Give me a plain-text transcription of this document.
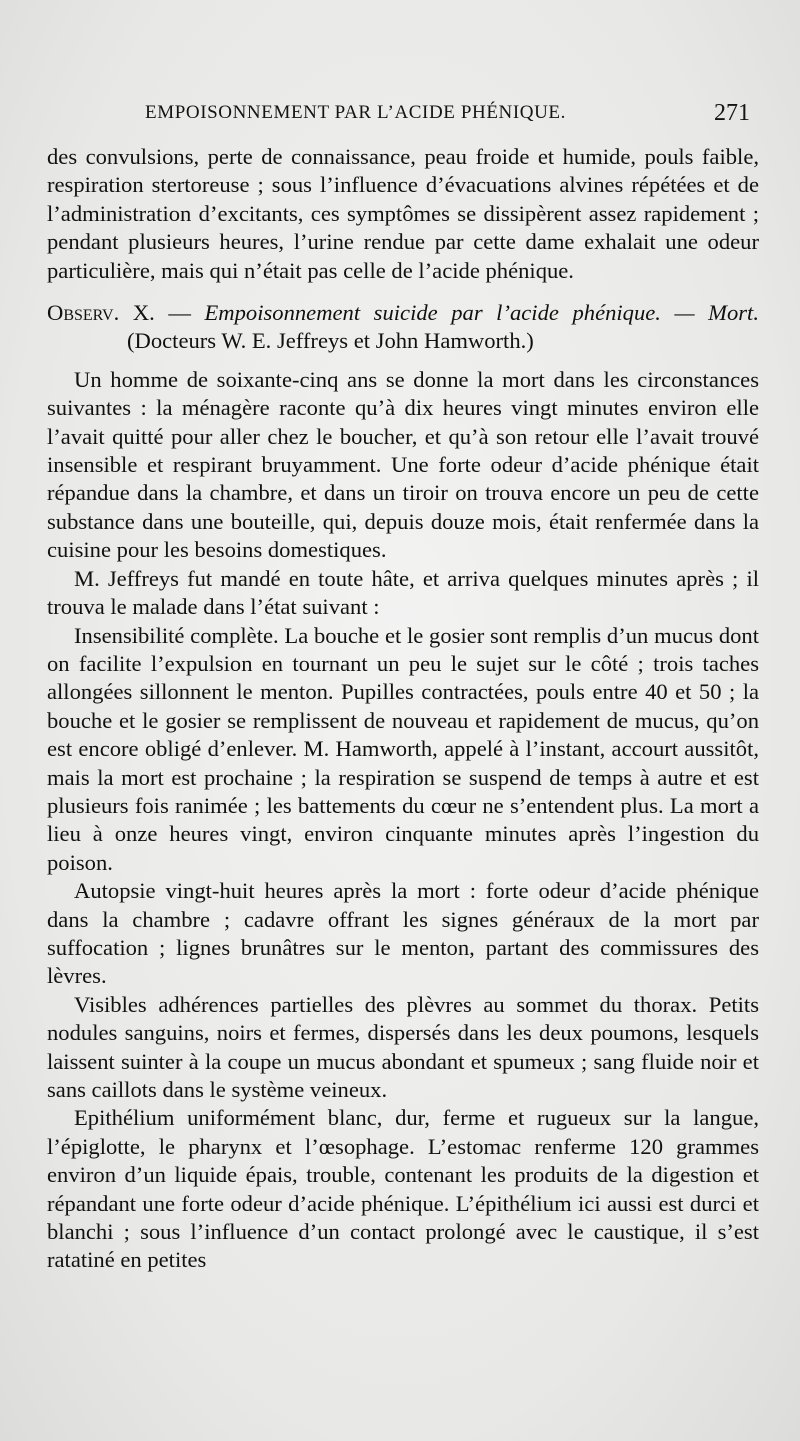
EMPOISONNEMENT PAR L’ACIDE PHÉNIQUE.	271

des convulsions, perte de connaissance, peau froide et humide, pouls faible, respiration stertoreuse ; sous l’influence d’évacuations alvines répétées et de l’administration d’excitants, ces symptômes se dissipèrent assez rapidement ; pendant plusieurs heures, l’urine rendue par cette dame exhalait une odeur particulière, mais qui n’était pas celle de l’acide phénique.

Observ. X. — Empoisonnement suicide par l’acide phénique. — Mort. (Docteurs W. E. Jeffreys et John Hamworth.)

Un homme de soixante-cinq ans se donne la mort dans les circonstances suivantes : la ménagère raconte qu’à dix heures vingt minutes environ elle l’avait quitté pour aller chez le boucher, et qu’à son retour elle l’avait trouvé insensible et respirant bruyamment. Une forte odeur d’acide phénique était répandue dans la chambre, et dans un tiroir on trouva encore un peu de cette substance dans une bouteille, qui, depuis douze mois, était renfermée dans la cuisine pour les besoins domestiques.

M. Jeffreys fut mandé en toute hâte, et arriva quelques minutes après ; il trouva le malade dans l’état suivant :

Insensibilité complète. La bouche et le gosier sont remplis d’un mucus dont on facilite l’expulsion en tournant un peu le sujet sur le côté ; trois taches allongées sillonnent le menton. Pupilles contractées, pouls entre 40 et 50 ; la bouche et le gosier se remplissent de nouveau et rapidement de mucus, qu’on est encore obligé d’enlever. M. Hamworth, appelé à l’instant, accourt aussitôt, mais la mort est prochaine ; la respiration se suspend de temps à autre et est plusieurs fois ranimée ; les battements du cœur ne s’entendent plus. La mort a lieu à onze heures vingt, environ cinquante minutes après l’ingestion du poison.

Autopsie vingt-huit heures après la mort : forte odeur d’acide phénique dans la chambre ; cadavre offrant les signes généraux de la mort par suffocation ; lignes brunâtres sur le menton, partant des commissures des lèvres.

Visibles adhérences partielles des plèvres au sommet du thorax. Petits nodules sanguins, noirs et fermes, dispersés dans les deux poumons, lesquels laissent suinter à la coupe un mucus abondant et spumeux ; sang fluide noir et sans caillots dans le système veineux.

Epithélium uniformément blanc, dur, ferme et rugueux sur la langue, l’épiglotte, le pharynx et l’œsophage. L’estomac renferme 120 grammes environ d’un liquide épais, trouble, contenant les produits de la digestion et répandant une forte odeur d’acide phénique. L’épithélium ici aussi est durci et blanchi ; sous l’influence d’un contact prolongé avec le caustique, il s’est ratatiné en petites
